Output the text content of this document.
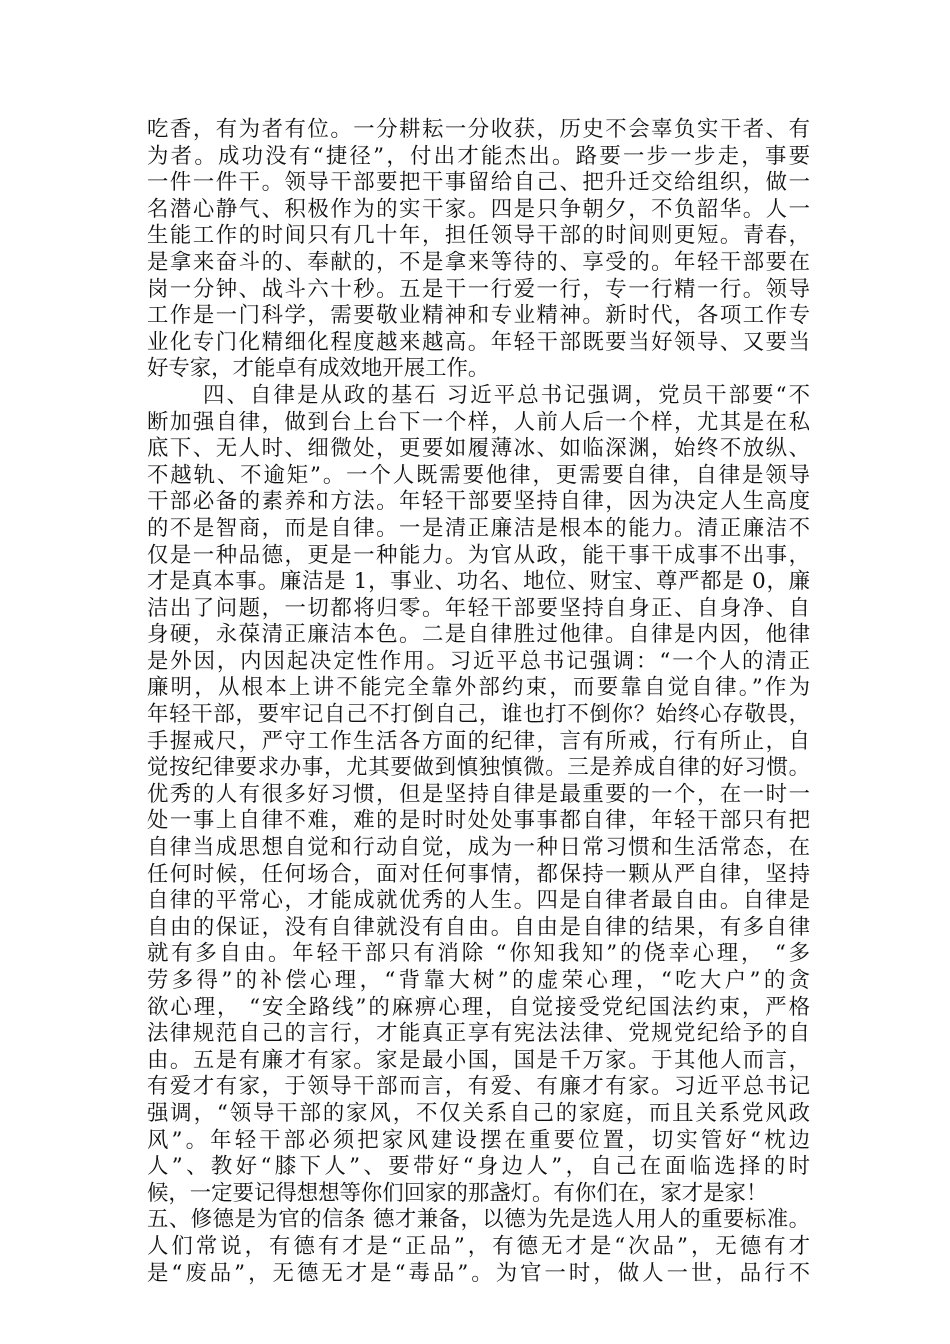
吃香，有为者有位。一分耕耘一分收获，历史不会辜负实干者、有
为者。成功没有“捷径”，付出才能杰出。路要一步一步走，事要
一件一件干。领导干部要把干事留给自己、把升迁交给组织，做一
名潜心静气、积极作为的实干家。四是只争朝夕，不负韶华。人一
生能工作的时间只有几十年，担任领导干部的时间则更短。青春，
是拿来奋斗的、奉献的，不是拿来等待的、享受的。年轻干部要在
岗一分钟、战斗六十秒。五是干一行爱一行，专一行精一行。领导
工作是一门科学，需要敬业精神和专业精神。新时代，各项工作专
业化专门化精细化程度越来越高。年轻干部既要当好领导、又要当
好专家，才能卓有成效地开展工作。
四、自律是从政的基石 习近平总书记强调，党员干部要“不
断加强自律，做到台上台下一个样，人前人后一个样，尤其是在私
底下、无人时、细微处，更要如履薄冰、如临深渊，始终不放纵、
不越轨、不逾矩”。一个人既需要他律，更需要自律，自律是领导
干部必备的素养和方法。年轻干部要坚持自律，因为决定人生高度
的不是智商，而是自律。一是清正廉洁是根本的能力。清正廉洁不
仅是一种品德，更是一种能力。为官从政，能干事干成事不出事，
才是真本事。廉洁是 1，事业、功名、地位、财宝、尊严都是 0，廉
洁出了问题，一切都将归零。年轻干部要坚持自身正、自身净、自
身硬，永葆清正廉洁本色。二是自律胜过他律。自律是内因，他律
是外因，内因起决定性作用。习近平总书记强调：“一个人的清正
廉明，从根本上讲不能完全靠外部约束，而要靠自觉自律。”作为
年轻干部，要牢记自己不打倒自己，谁也打不倒你？始终心存敬畏，
手握戒尺，严守工作生活各方面的纪律，言有所戒，行有所止，自
觉按纪律要求办事，尤其要做到慎独慎微。三是养成自律的好习惯。
优秀的人有很多好习惯，但是坚持自律是最重要的一个，在一时一
处一事上自律不难，难的是时时处处事事都自律，年轻干部只有把
自律当成思想自觉和行动自觉，成为一种日常习惯和生活常态，在
任何时候，任何场合，面对任何事情，都保持一颗从严自律，坚持
自律的平常心，才能成就优秀的人生。四是自律者最自由。自律是
自由的保证，没有自律就没有自由。自由是自律的结果，有多自律
就有多自由。年轻干部只有消除 “你知我知”的侥幸心理， “多
劳多得”的补偿心理，“背靠大树”的虚荣心理，“吃大户”的贪
欲心理， “安全路线”的麻痹心理，自觉接受党纪国法约束，严格
法律规范自己的言行，才能真正享有宪法法律、党规党纪给予的自
由。五是有廉才有家。家是最小国，国是千万家。于其他人而言，
有爱才有家，于领导干部而言，有爱、有廉才有家。习近平总书记
强调，“领导干部的家风，不仅关系自己的家庭，而且关系党风政
风”。年轻干部必须把家风建设摆在重要位置，切实管好“枕边
人”、教好“膝下人”、要带好“身边人”，自己在面临选择的时
候，一定要记得想想等你们回家的那盏灯。有你们在，家才是家！
五、修德是为官的信条 德才兼备，以德为先是选人用人的重要标准。
人们常说，有德有才是“正品”，有德无才是“次品”，无德有才
是“废品”，无德无才是“毒品”。为官一时，做人一世，品行不
